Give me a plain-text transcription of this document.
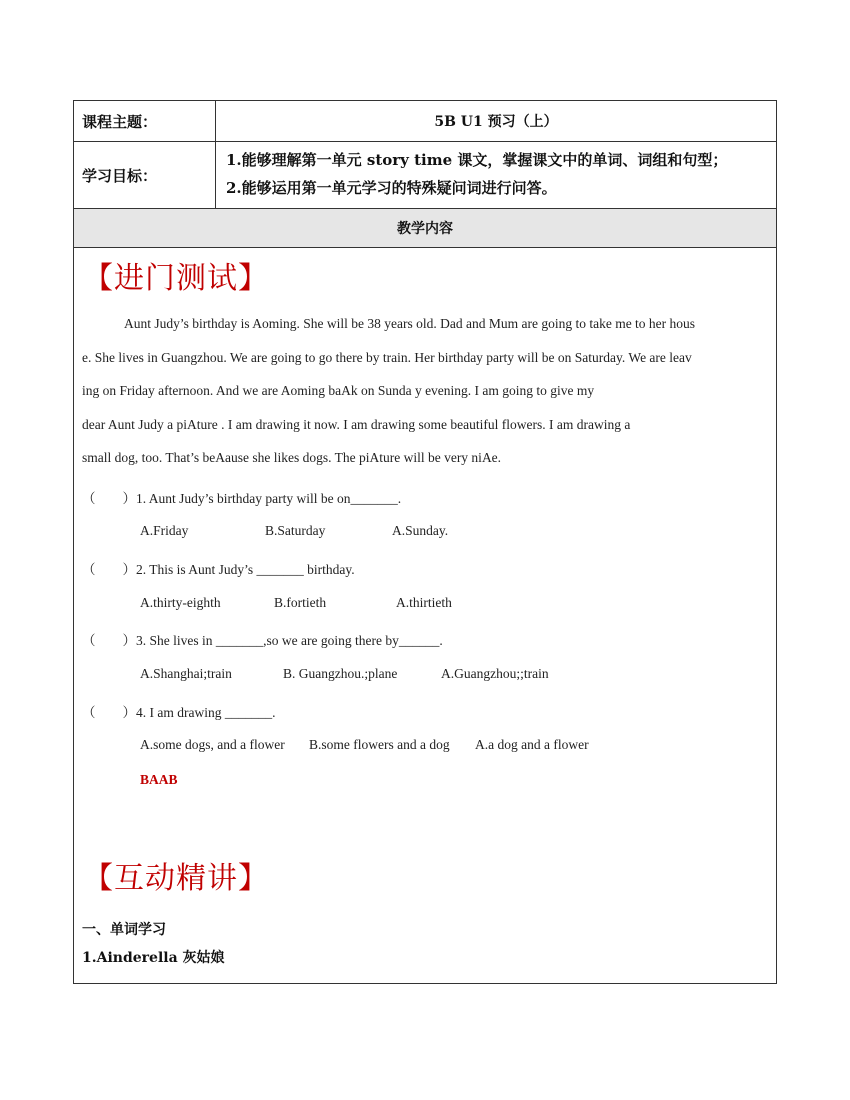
课程主题：	5B U1 预习（上）
学习目标：
1.能够理解第一单元 story time 课文，掌握课文中的单词、词组和句型；
2.能够运用第一单元学习的特殊疑问词进行问答。
教学内容
【进门测试】
Aunt Judy’s birthday is Aoming. She will be 38 years old. Dad and Mum are going to take me to her hous
e. She lives in Guangzhou. We are going to go there by train. Her birthday party will be on Saturday. We are leav
ing on Friday afternoon. And we are Aoming baAk on Sunda y evening. I am going to give my
dear Aunt Judy a piAture . I am drawing it now. I am drawing some beautiful flowers. I am drawing a
small dog, too. That’s beAause she likes dogs. The piAture will be very niAe.
（　　）1. Aunt Judy’s birthday party will be on_______.
A.Friday	B.Saturday	A.Sunday.
（　　）2. This is Aunt Judy’s _______ birthday.
A.thirty-eighth	B.fortieth	A.thirtieth
（　　）3. She lives in _______,so we are going there by______.
A.Shanghai;train	B. Guangzhou.;plane	A.Guangzhou;;train
（　　）4. I am drawing _______.
A.some dogs, and a flower B.some flowers and a dog A.a dog and a flower
BAAB
【互动精讲】
一、单词学习
1.Ainderella 灰姑娘
